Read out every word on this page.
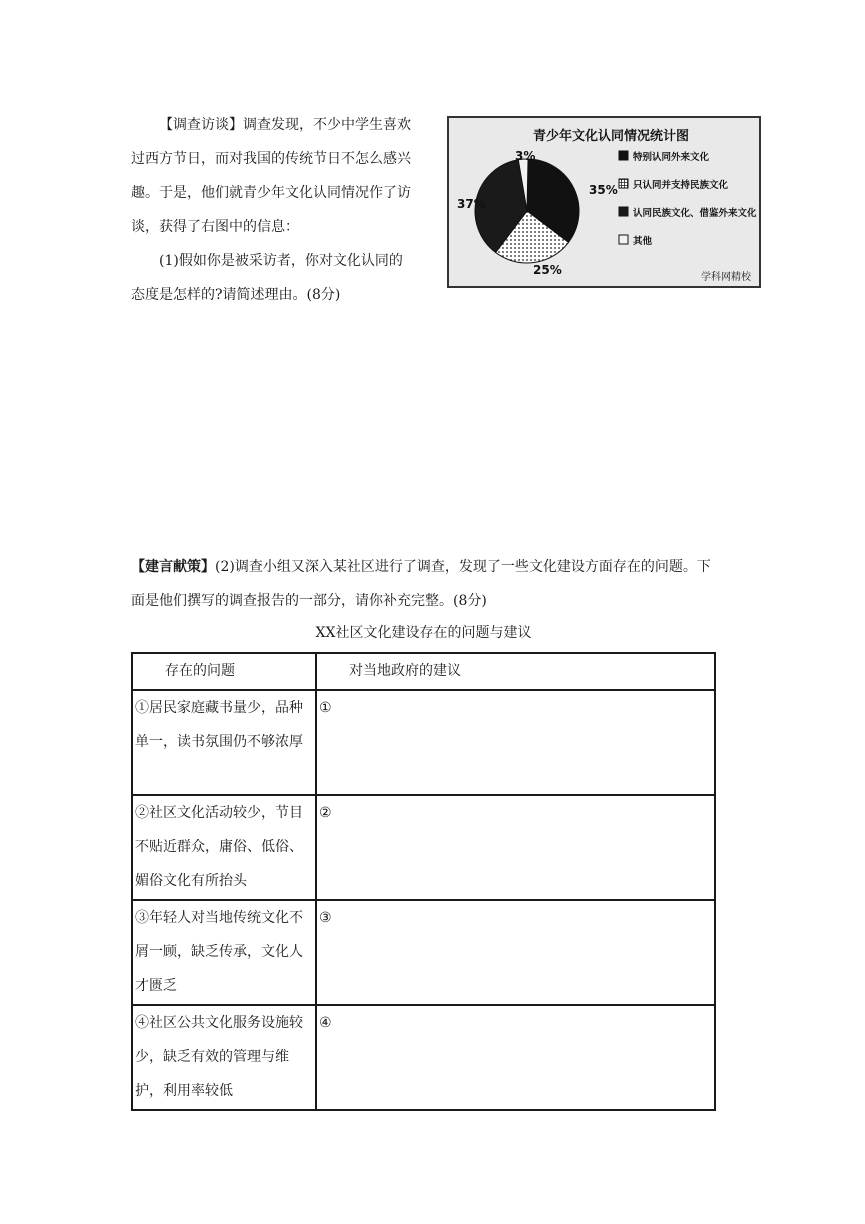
【调查访谈】调查发现，不少中学生喜欢过西方节日，而对我国的传统节日不怎么感兴趣。于是，他们就青少年文化认同情况作了访谈，获得了右图中的信息：

(1)假如你是被采访者，你对文化认同的态度是怎样的?请简述理由。(8分)

青少年文化认同情况统计图
35%
25%
37%
3%	特别认同外来文化
只认同并支持民族文化
认同民族文化、借鉴外来文化
其他
学科网精校

【建言献策】(2)调查小组又深入某社区进行了调查，发现了一些文化建设方面存在的问题。下面是他们撰写的调查报告的一部分，请你补充完整。(8分)

XX社区文化建设存在的问题与建议
存在的问题	对当地政府的建议
①居民家庭藏书量少，品种单一，读书氛围仍不够浓厚	①
②社区文化活动较少，节目不贴近群众，庸俗、低俗、媚俗文化有所抬头	②
③年轻人对当地传统文化不屑一顾，缺乏传承，文化人才匮乏	③
④社区公共文化服务设施较少，缺乏有效的管理与维护，利用率较低	④
